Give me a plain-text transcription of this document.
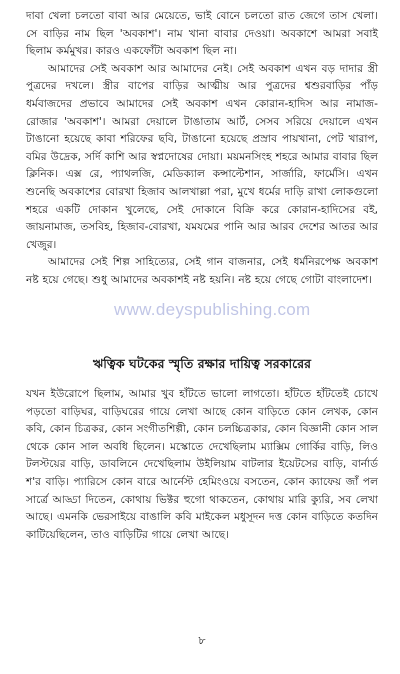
দাবা খেলা চলতো বাবা আর মেয়েতে, ভাই বোনে চলতো রাত জেগে তাস খেলা। সে বাড়ির নাম ছিল 'অবকাশ'। নাম খানা বাবার দেওয়া। অবকাশে আমরা সবাই ছিলাম কর্মমুখর। কারও একফোঁটা অবকাশ ছিল না।

আমাদের সেই অবকাশ আর আমাদের নেই। সেই অবকাশ এখন বড় দাদার স্ত্রী পুত্রদের দখলে। স্ত্রীর বাপের বাড়ির আত্মীয় আর পুত্রদের শ্বশুরবাড়ির পাঁড় ধর্মবাজদের প্রভাবে আমাদের সেই অবকাশ এখন কোরান-হাদিস আর নামাজ-রোজার 'অবকাশ'। আমরা দেয়ালে টাঙাতাম আর্ট, সেসব সরিয়ে দেয়ালে এখন টাঙানো হয়েছে কাবা শরিফের ছবি, টাঙানো হয়েছে প্রস্রাব পায়খানা, পেট খারাপ, বমির উদ্রেক, সর্দি কাশি আর স্বপ্নদোষের দোয়া। ময়মনসিংহ শহরে আমার বাবার ছিল ক্লিনিক। এক্স রে, প্যাথলজি, মেডিক্যাল কন্সাল্টেশান, সার্জারি, ফার্মেসি। এখন শুনেছি অবকাশের বোরখা হিজাব আলখাল্লা পরা, মুখে ধর্মের দাড়ি রাখা লোকগুলো শহরে একটি দোকান খুলেছে, সেই দোকানে বিক্রি করে কোরান-হাদিসের বই, জায়নামাজ, তসবিহ, হিজাব-বোরখা, যমযমের পানি আর আরব দেশের আতর আর খেজুর।

আমাদের সেই শিল্প সাহিত্যের, সেই গান বাজনার, সেই ধর্মনিরপেক্ষ অবকাশ নষ্ট হয়ে গেছে। শুধু আমাদের অবকাশই নষ্ট হয়নি। নষ্ট হয়ে গেছে গোটা বাংলাদেশ।

www.deyspublishing.com
ঋত্বিক ঘটকের স্মৃতি রক্ষার দায়িত্ব সরকারের

যখন ইউরোপে ছিলাম, আমার খুব হাঁটতে ভালো লাগতো। হাঁটতে হাঁটতেই চোখে পড়তো বাড়িঘর, বাড়িঘরের গায়ে লেখা আছে কোন বাড়িতে কোন লেখক, কোন কবি, কোন চিত্রকর, কোন সংগীতশিল্পী, কোন চলচ্চিত্রকার, কোন বিজ্ঞানী কোন সাল থেকে কোন সাল অবধি ছিলেন। মস্কোতে দেখেছিলাম ম্যাক্সিম গোর্কির বাড়ি, লিও টলস্টয়ের বাড়ি, ডাবলিনে দেখেছিলাম উইলিয়াম বাটলার ইয়েটসের বাড়ি, বার্নার্ড শ'র বাড়ি। প্যারিসে কোন বারে আর্নেস্ট হেমিংওয়ে বসতেন, কোন ক্যাফেয় জাঁ পল সার্ত্রে আড্ডা দিতেন, কোথায় ভিক্টর হুগো থাকতেন, কোথায় মারি ক্যুরি, সব লেখা আছে। এমনকি ভেরসাইয়ে বাঙালি কবি মাইকেল মধুসূদন দত্ত কোন বাড়িতে কতদিন কাটিয়েছিলেন, তাও বাড়িটির গায়ে লেখা আছে।

৮
